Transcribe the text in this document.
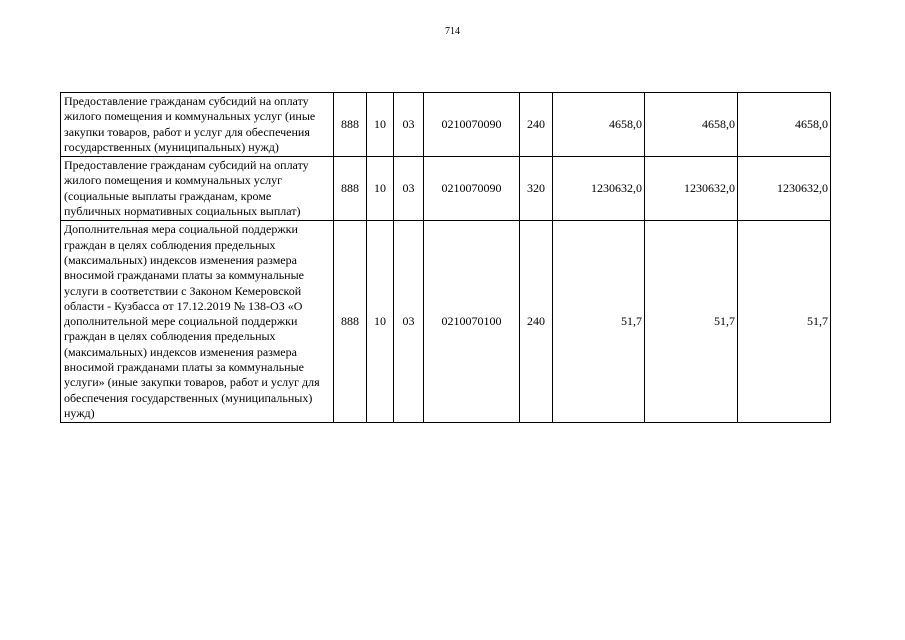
714
Предоставление гражданам субсидий на оплату жилого помещения и коммунальных услуг (иные закупки товаров, работ и услуг для обеспечения государственных (муниципальных) нужд)	888	10	03	0210070090	240	4658,0	4658,0	4658,0
Предоставление гражданам субсидий на оплату жилого помещения и коммунальных услуг (социальные выплаты гражданам, кроме публичных нормативных социальных выплат)	888	10	03	0210070090	320	1230632,0	1230632,0	1230632,0
Дополнительная мера социальной поддержки граждан в целях соблюдения предельных (максимальных) индексов изменения размера вносимой гражданами платы за коммунальные услуги в соответствии с Законом Кемеровской области - Кузбасса от 17.12.2019 № 138-ОЗ «О дополнительной мере социальной поддержки граждан в целях соблюдения предельных (максимальных) индексов изменения размера вносимой гражданами платы за коммунальные услуги» (иные закупки товаров, работ и услуг для обеспечения государственных (муниципальных) нужд)	888	10	03	0210070100	240	51,7	51,7	51,7
